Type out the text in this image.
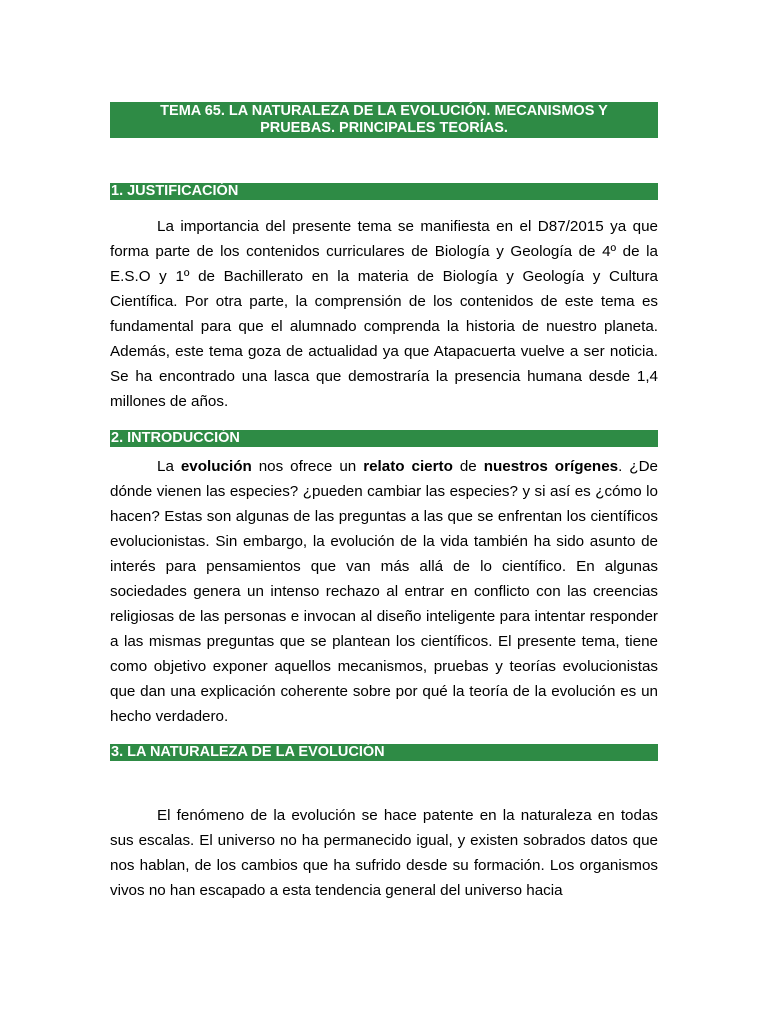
TEMA 65. LA NATURALEZA DE LA EVOLUCIÓN. MECANISMOS Y
PRUEBAS. PRINCIPALES TEORÍAS.
1. JUSTIFICACIÓN

La importancia del presente tema se manifiesta en el D87/2015 ya que forma parte de los contenidos curriculares de Biología y Geología de 4º de la E.S.O y 1º de Bachillerato en la materia de Biología y Geología y Cultura Científica. Por otra parte, la comprensión de los contenidos de este tema es fundamental para que el alumnado comprenda la historia de nuestro planeta. Además, este tema goza de actualidad ya que Atapacuerta vuelve a ser noticia. Se ha encontrado una lasca que demostraría la presencia humana desde 1,4 millones de años.

2. INTRODUCCIÓN

La evolución nos ofrece un relato cierto de nuestros orígenes. ¿De dónde vienen las especies? ¿pueden cambiar las especies? y si así es ¿cómo lo hacen? Estas son algunas de las preguntas a las que se enfrentan los científicos evolucionistas. Sin embargo, la evolución de la vida también ha sido asunto de interés para pensamientos que van más allá de lo científico. En algunas sociedades genera un intenso rechazo al entrar en conflicto con las creencias religiosas de las personas e invocan al diseño inteligente para intentar responder a las mismas preguntas que se plantean los científicos. El presente tema, tiene como objetivo exponer aquellos mecanismos, pruebas y teorías evolucionistas que dan una explicación coherente sobre por qué la teoría de la evolución es un hecho verdadero.

3. LA NATURALEZA DE LA EVOLUCIÓN

El fenómeno de la evolución se hace patente en la naturaleza en todas sus escalas. El universo no ha permanecido igual, y existen sobrados datos que nos hablan, de los cambios que ha sufrido desde su formación. Los organismos vivos no han escapado a esta tendencia general del universo hacia
